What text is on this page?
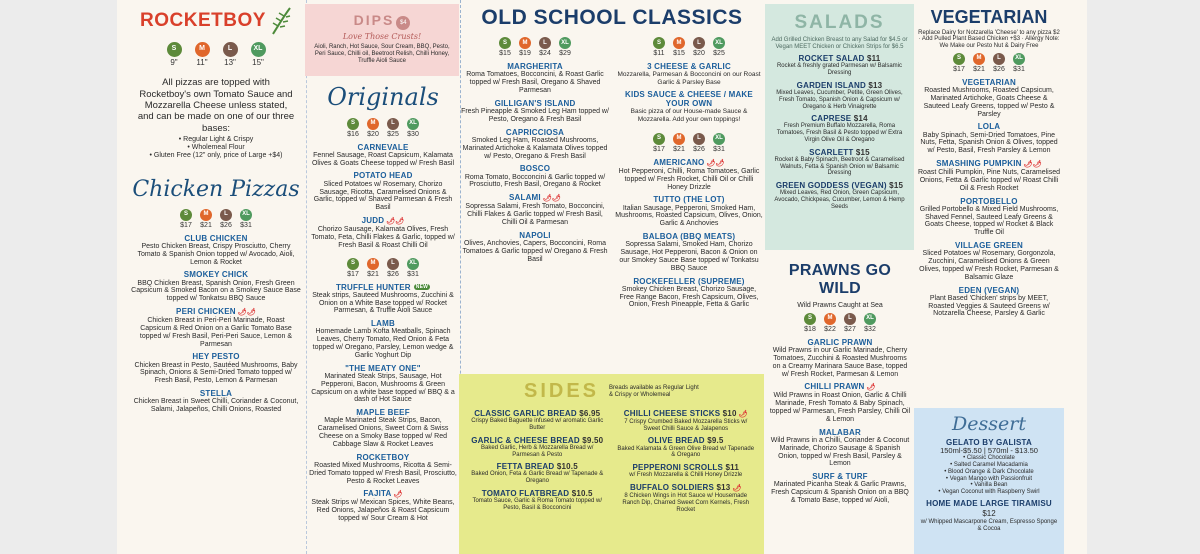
ROCKETBOY
S
9"
M
11"
L
13"
XL
15"
All pizzas are topped with Rocketboy's own Tomato Sauce and Mozzarella Cheese unless stated, and can be made on one of our three bases:
• Regular Light & Crispy
• Wholemeal Flour
• Gluten Free (12" only, price of Large +$4)
Chicken Pizzas
S
$17
M
$21
L
$26
XL
$31
CLUB CHICKEN
Pesto Chicken Breast, Crispy Prosciutto, Cherry Tomato & Spanish Onion topped w/ Avocado, Aioli, Lemon & Rocket
SMOKEY CHICK
BBQ Chicken Breast, Spanish Onion, Fresh Green Capsicum & Smoked Bacon on a Smokey Sauce Base topped w/ Tonkatsu BBQ Sauce
PERI CHICKEN 🌶🌶
Chicken Breast in Peri-Peri Marinade, Roast Capsicum & Red Onion on a Garlic Tomato Base topped w/ Fresh Basil, Peri-Peri Sauce, Lemon & Parmesan
HEY PESTO
Chicken Breast in Pesto, Sautéed Mushrooms, Baby Spinach, Onions & Semi-Dried Tomato topped w/ Fresh Basil, Pesto, Lemon & Parmesan
STELLA
Chicken Breast in Sweet Chilli, Coriander & Coconut, Salami, Jalapeños, Chilli Onions, Roasted
DIPS $4
Love Those Crusts!
Aioli, Ranch, Hot Sauce, Sour Cream, BBQ, Pesto, Peri Sauce, Chilli oil, Beetroot Relish, Chilli Honey, Truffle Aioli Sauce
Originals
S
$16
M
$20
L
$25
XL
$30
CARNEVALE
Fennel Sausage, Roast Capsicum, Kalamata Olives & Goats Cheese topped w/ Fresh Basil
POTATO HEAD
Sliced Potatoes w/ Rosemary, Chorizo Sausage, Ricotta, Caramelised Onions & Garlic, topped w/ Shaved Parmesan & Fresh Basil
JUDD 🌶🌶
Chorizo Sausage, Kalamata Olives, Fresh Tomato, Feta, Chilli Flakes & Garlic, topped w/ Fresh Basil & Roast Chilli Oil
S
$17
M
$21
L
$26
XL
$31
TRUFFLE HUNTER NEW
Steak strips, Sauteed Mushrooms, Zucchini & Onion on a White Base topped w/ Rocket Parmesan, & Truffle Aioli Sauce
LAMB
Homemade Lamb Kofta Meatballs, Spinach Leaves, Cherry Tomato, Red Onion & Feta topped w/ Oregano, Parsley, Lemon wedge & Garlic Yoghurt Dip
"THE MEATY ONE"
Marinated Steak Strips, Sausage, Hot Pepperoni, Bacon, Mushrooms & Green Capsicum on a white base topped w/ BBQ & a dash of Hot Sauce
MAPLE BEEF
Maple Marinated Steak Strips, Bacon, Caramelised Onions, Sweet Corn & Swiss Cheese on a Smoky Base topped w/ Red Cabbage Slaw & Rocket Leaves
ROCKETBOY
Roasted Mixed Mushrooms, Ricotta & Semi-Dried Tomato topped w/ Fresh Basil, Prosciutto, Pesto & Rocket Leaves
FAJITA 🌶
Steak Strips w/ Mexican Spices, White Beans, Red Onions, Jalapeños & Roast Capsicum topped w/ Sour Cream & Hot
OLD SCHOOL CLASSICS
S
$15
M
$19
L
$24
XL
$29
MARGHERITA
Roma Tomatoes, Bocconcini, & Roast Garlic topped w/ Fresh Basil, Oregano & Shaved Parmesan
GILLIGAN'S ISLAND
Fresh Pineapple & Smoked Leg Ham topped w/ Pesto, Oregano & Fresh Basil
CAPRICCIOSA
Smoked Leg Ham, Roasted Mushrooms, Marinated Artichoke & Kalamata Olives topped w/ Pesto, Oregano & Fresh Basil
BOSCO
Roma Tomato, Bocconcini & Garlic topped w/ Prosciutto, Fresh Basil, Oregano & Rocket
SALAMI 🌶🌶
Sopressa Salami, Fresh Tomato, Bocconcini, Chilli Flakes & Garlic topped w/ Fresh Basil, Chilli Oil & Parmesan
NAPOLI
Olives, Anchovies, Capers, Bocconcini, Roma Tomatoes & Garlic topped w/ Oregano & Fresh Basil
S
$11
M
$15
L
$20
XL
$25
3 CHEESE & GARLIC
Mozzarella, Parmesan & Bocconcini on our Roast Garlic & Parsley Base
KIDS SAUCE & CHEESE / MAKE YOUR OWN
Basic pizza of our House-made Sauce & Mozzarella. Add your own toppings!
S
$17
M
$21
L
$26
XL
$31
AMERICANO 🌶🌶
Hot Pepperoni, Chilli, Roma Tomatoes, Garlic topped w/ Fresh Rocket, Chilli Oil or Chilli Honey Drizzle
TUTTO (THE LOT)
Italian Sausage, Pepperoni, Smoked Ham, Mushrooms, Roasted Capsicum, Olives, Onion, Garlic & Anchovies
BALBOA (BBQ MEATS)
Sopressa Salami, Smoked Ham, Chorizo Sausage, Hot Pepperoni, Bacon & Onion on our Smokey Sauce Base topped w/ Tonkatsu BBQ Sauce
ROCKEFELLER (SUPREME)
Smokey Chicken Breast, Chorizo Sausage, Free Range Bacon, Fresh Capsicum, Olives, Onion, Fresh Pineapple, Fetta & Garlic
SIDES Breads available as Regular Light & Crispy or Wholemeal
CLASSIC GARLIC BREAD $6.95
Crispy Baked Baguette infused w/ aromatic Garlic Butter
GARLIC & CHEESE BREAD $9.50
Baked Garlic, Herb & Mozzarella Bread w/ Parmesan & Pesto
FETTA BREAD $10.5
Baked Onion, Feta & Garlic Bread w/ Tapenade & Oregano
TOMATO FLATBREAD $10.5
Tomato Sauce, Garlic & Roma Tomato topped w/ Pesto, Basil & Bocconcini
CHILLI CHEESE STICKS $10 🌶
7 Crispy Crumbed Baked Mozzarella Sticks w/ Sweet Chilli Sauce & Jalapenos
OLIVE BREAD $9.5
Baked Kalamata & Green Olive Bread w/ Tapenade & Oregano
PEPPERONI SCROLLS $11
w/ Fresh Mozzarella & Chilli Honey Drizzle
BUFFALO SOLDIERS $13 🌶
8 Chicken Wings in Hot Sauce w/ Housemade Ranch Dip, Charred Sweet Corn Kernels, Fresh Rocket
SALADS
Add Grilled Chicken Breast to any Salad for $4.5 or Vegan MEET Chicken or Chicken Strips for $6.5
ROCKET SALAD $11
Rocket & freshly grated Parmesan w/ Balsamic Dressing
GARDEN ISLAND $13
Mixed Leaves, Cucumber, Petite, Green Olives, Fresh Tomato, Spanish Onion & Capsicum w/ Oregano & Herb Vinaigrette
CAPRESE $14
Fresh Premium Buffalo Mozzarella, Roma Tomatoes, Fresh Basil & Pesto topped w/ Extra Virgin Olive Oil & Oregano
SCARLETT $15
Rocket & Baby Spinach, Beetroot & Caramelised Walnuts, Fetta & Spanish Onion w/ Balsamic Dressing
GREEN GODDESS (VEGAN) $15
Mixed Leaves, Red Onion, Green Capsicum, Avocado, Chickpeas, Cucumber, Lemon & Hemp Seeds
PRAWNS GO WILD
Wild Prawns Caught at Sea
S
$18
M
$22
L
$27
XL
$32
GARLIC PRAWN
Wild Prawns in our Garlic Marinade, Cherry Tomatoes, Zucchini & Roasted Mushrooms on a Creamy Marinara Sauce Base, topped w/ Fresh Rocket, Parmesan & Lemon
CHILLI PRAWN 🌶
Wild Prawns in Roast Onion, Garlic & Chilli Marinade, Fresh Tomato & Baby Spinach, topped w/ Parmesan, Fresh Parsley, Chilli Oil & Lemon
MALABAR
Wild Prawns in a Chilli, Coriander & Coconut Marinade, Chorizo Sausage & Spanish Onion, topped w/ Fresh Basil, Parsley & Lemon
SURF & TURF
Marinated Picanha Steak & Garlic Prawns, Fresh Capsicum & Spanish Onion on a BBQ & Tomato Base, topped w/ Aioli,
VEGETARIAN
Replace Dairy for Notzarella 'Cheese' to any pizza $2 · Add Pulled Plant Based Chicken +$3 · Allergy Note: We Make our Pesto Nut & Dairy Free
S
$17
M
$21
L
$26
XL
$31
VEGETARIAN
Roasted Mushrooms, Roasted Capsicum, Marinated Artichoke, Goats Cheese & Sauteed Leafy Greens, topped w/ Pesto & Parsley
LOLA
Baby Spinach, Semi-Dried Tomatoes, Pine Nuts, Fetta, Spanish Onion & Olives, topped w/ Pesto, Basil, Fresh Parsley & Lemon
SMASHING PUMPKIN 🌶🌶
Roast Chilli Pumpkin, Pine Nuts, Caramelised Onions, Fetta & Garlic topped w/ Roast Chilli Oil & Fresh Rocket
PORTOBELLO
Grilled Portobello & Mixed Field Mushrooms, Shaved Fennel, Sauteed Leafy Greens & Goats Cheese, topped w/ Rocket & Black Truffle Oil
VILLAGE GREEN
Sliced Potatoes w/ Rosemary, Gorgonzola, Zucchini, Caramelised Onions & Green Olives, topped w/ Fresh Rocket, Parmesan & Balsamic Glaze
EDEN (VEGAN)
Plant Based 'Chicken' strips by MEET, Roasted Veggies & Sauteed Greens w/ Notzarella Cheese, Parsley & Garlic
Dessert
GELATO BY GALISTA
150ml-$5.50 | 570ml - $13.50
• Classic Chocolate
• Salted Caramel Macadamia
• Blood Orange & Dark Chocolate
• Vegan Mango with Passionfruit
• Vanilla Bean
• Vegan Coconut with Raspberry Swirl
HOME MADE LARGE TIRAMISU $12
w/ Whipped Mascarpone Cream, Espresso Sponge & Cocoa
